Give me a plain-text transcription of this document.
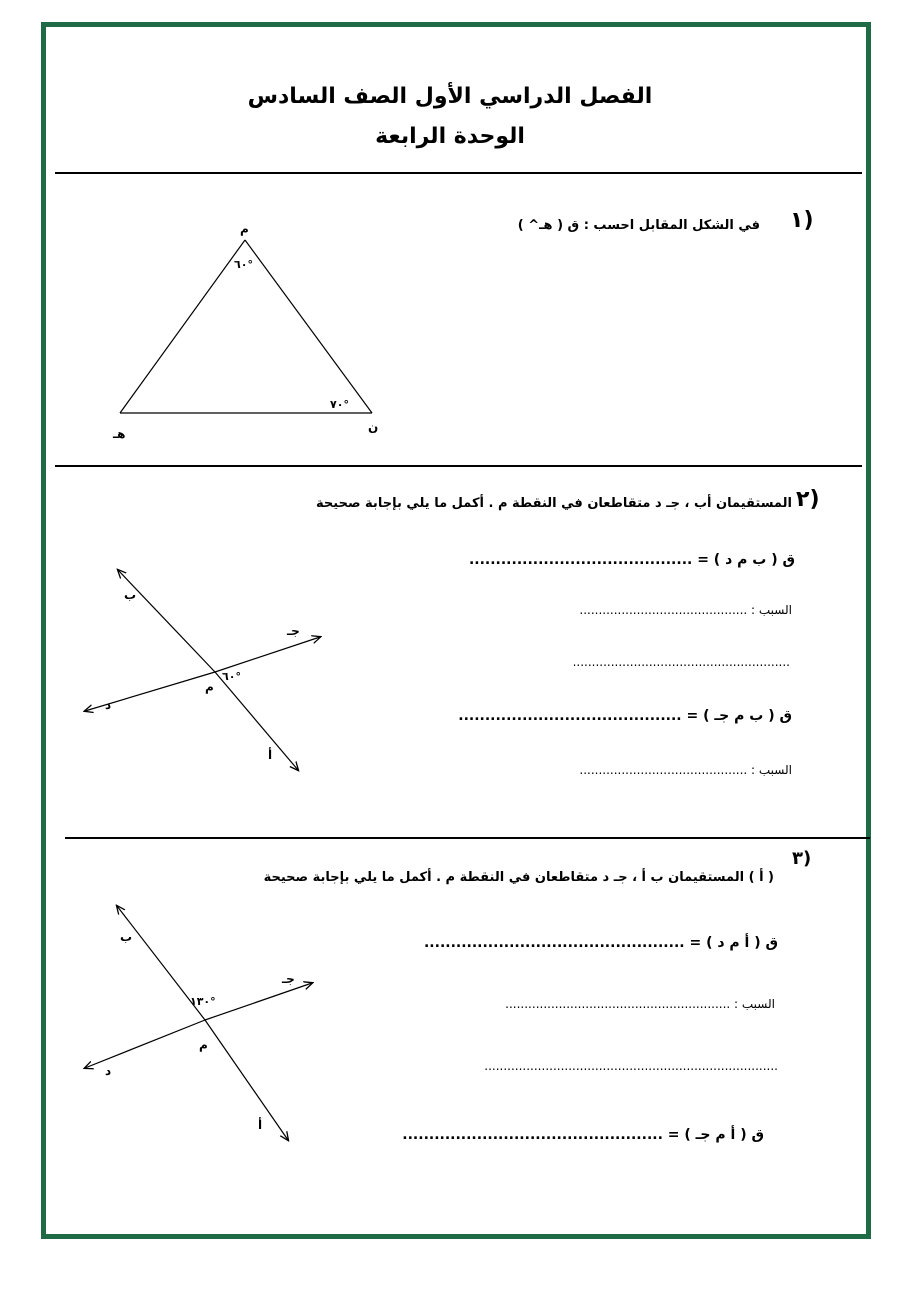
الفصل الدراسي الأول الصف السادس
الوحدة الرابعة
١)
في الشكل المقابل احسب : ق ( هـ^ )
م
هـ	ن
٦٠°
٧٠°
٢)
المستقيمان أب ، جـ د متقاطعان في النقطة م . أكمل ما يلي بإجابة صحيحة
ق ( ب م د ) = ..........................................
السبب : ............................................
.........................................................
ق ( ب م جـ ) = ..........................................
السبب : ............................................
ب
جـ
م
د
أ
٦٠°
٣)
( أ ) المستقيمان ب أ ، جـ د متقاطعان في النقطة م . أكمل ما يلي بإجابة صحيحة
ق ( أ م د ) = .................................................
السبب : ...........................................................
.............................................................................
ق ( أ م جـ ) = .................................................
ب
جـ
م
د
أ
١٣٠°
